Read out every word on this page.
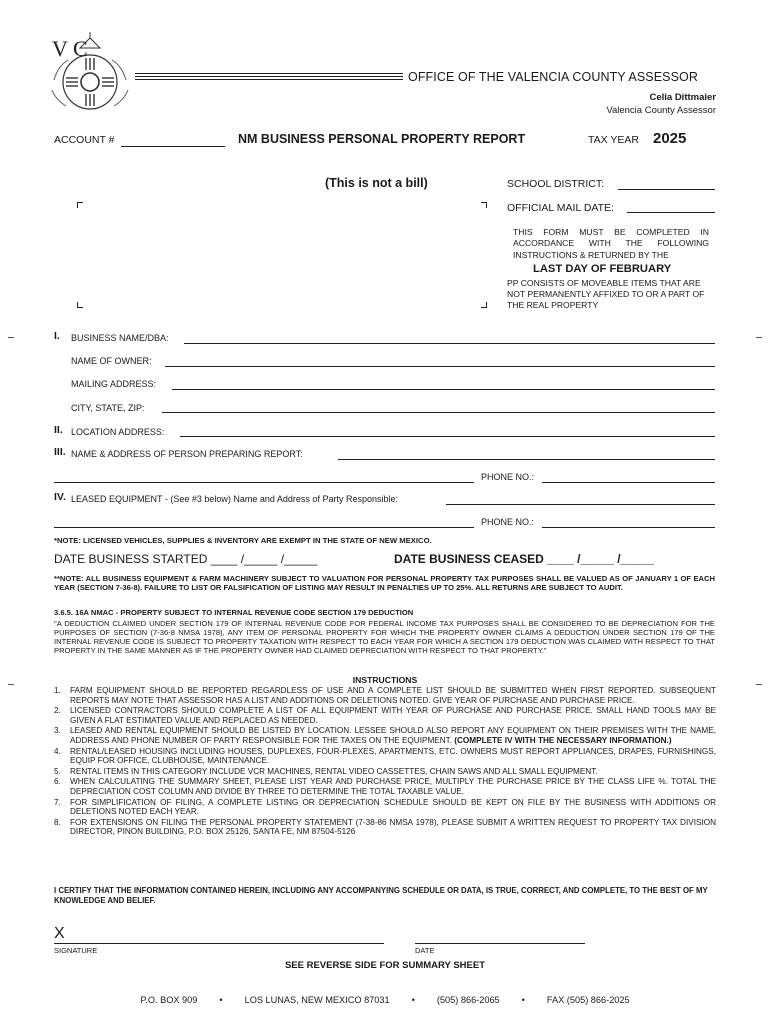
V C
OFFICE OF THE VALENCIA COUNTY ASSESSOR
Celia Dittmaier
Valencia County Assessor
ACCOUNT #	NM BUSINESS PERSONAL PROPERTY REPORT	TAX YEAR 2025
(This is not a bill)	SCHOOL DISTRICT:
OFFICIAL MAIL DATE:
THIS FORM MUST BE COMPLETED IN ACCORDANCE WITH THE FOLLOWING INSTRUCTIONS & RETURNED BY THE
LAST DAY OF FEBRUARY
PP CONSISTS OF MOVEABLE ITEMS THAT ARE NOT PERMANENTLY AFFIXED TO OR A PART OF THE REAL PROPERTY
I. BUSINESS NAME/DBA:
NAME OF OWNER:
MAILING ADDRESS:
CITY, STATE, ZIP:
II. LOCATION ADDRESS:
III. NAME & ADDRESS OF PERSON PREPARING REPORT:
PHONE NO.:
IV. LEASED EQUIPMENT - (See #3 below) Name and Address of Party Responsible:
PHONE NO.:
*NOTE: LICENSED VEHICLES, SUPPLIES & INVENTORY ARE EXEMPT IN THE STATE OF NEW MEXICO.
DATE BUSINESS STARTED ____ /_____ /_____	DATE BUSINESS CEASED ____ /_____ /_____
**NOTE: ALL BUSINESS EQUIPMENT & FARM MACHINERY SUBJECT TO VALUATION FOR PERSONAL PROPERTY TAX PURPOSES SHALL BE VALUED AS OF JANUARY 1 OF EACH YEAR (SECTION 7-36-8). FAILURE TO LIST OR FALSIFICATION OF LISTING MAY RESULT IN PENALTIES UP TO 25%. ALL RETURNS ARE SUBJECT TO AUDIT.
3.6.5. 16A NMAC - PROPERTY SUBJECT TO INTERNAL REVENUE CODE SECTION 179 DEDUCTION
"A DEDUCTION CLAIMED UNDER SECTION 179 OF INTERNAL REVENUE CODE FOR FEDERAL INCOME TAX PURPOSES SHALL BE CONSIDERED TO BE DEPRECIATION FOR THE PURPOSES OF SECTION (7-36-8 NMSA 1978), ANY ITEM OF PERSONAL PROPERTY FOR WHICH THE PROPERTY OWNER CLAIMS A DEDUCTION UNDER SECTION 179 OF THE INTERNAL REVENUE CODE IS SUBJECT TO PROPERTY TAXATION WITH RESPECT TO EACH YEAR FOR WHICH A SECTION 179 DEDUCTION WAS CLAIMED WITH RESPECT TO THAT PROPERTY IN THE SAME MANNER AS IF THE PROPERTY OWNER HAD CLAIMED DEPRECIATION WITH RESPECT TO THAT PROPERTY."
INSTRUCTIONS
1.	FARM EQUIPMENT SHOULD BE REPORTED REGARDLESS OF USE AND A COMPLETE LIST SHOULD BE SUBMITTED WHEN FIRST REPORTED. SUBSEQUENT REPORTS MAY NOTE THAT ASSESSOR HAS A LIST AND ADDITIONS OR DELETIONS NOTED. GIVE YEAR OF PURCHASE AND PURCHASE PRICE.
2.	LICENSED CONTRACTORS SHOULD COMPLETE A LIST OF ALL EQUIPMENT WITH YEAR OF PURCHASE AND PURCHASE PRICE. SMALL HAND TOOLS MAY BE GIVEN A FLAT ESTIMATED VALUE AND REPLACED AS NEEDED.
3.	LEASED AND RENTAL EQUIPMENT SHOULD BE LISTED BY LOCATION. LESSEE SHOULD ALSO REPORT ANY EQUIPMENT ON THEIR PREMISES WITH THE NAME, ADDRESS AND PHONE NUMBER OF PARTY RESPONSIBLE FOR THE TAXES ON THE EQUIPMENT. (COMPLETE IV WITH THE NECESSARY INFORMATION.)
4.	RENTAL/LEASED HOUSING INCLUDING HOUSES, DUPLEXES, FOUR-PLEXES, APARTMENTS, ETC. OWNERS MUST REPORT APPLIANCES, DRAPES, FURNISHINGS, EQUIP FOR OFFICE, CLUBHOUSE, MAINTENANCE.
5.	RENTAL ITEMS IN THIS CATEGORY INCLUDE VCR MACHINES, RENTAL VIDEO CASSETTES, CHAIN SAWS AND ALL SMALL EQUIPMENT.
6.	WHEN CALCULATING THE SUMMARY SHEET, PLEASE LIST YEAR AND PURCHASE PRICE, MULTIPLY THE PURCHASE PRICE BY THE CLASS LIFE %. TOTAL THE DEPRECIATION COST COLUMN AND DIVIDE BY THREE TO DETERMINE THE TOTAL TAXABLE VALUE.
7.	FOR SIMPLIFICATION OF FILING, A COMPLETE LISTING OR DEPRECIATION SCHEDULE SHOULD BE KEPT ON FILE BY THE BUSINESS WITH ADDITIONS OR DELETIONS NOTED EACH YEAR.
8.	FOR EXTENSIONS ON FILING THE PERSONAL PROPERTY STATEMENT (7-38-86 NMSA 1978), PLEASE SUBMIT A WRITTEN REQUEST TO PROPERTY TAX DIVISION DIRECTOR, PINON BUILDING, P.O. BOX 25126, SANTA FE, NM 87504-5126
I CERTIFY THAT THE INFORMATION CONTAINED HEREIN, INCLUDING ANY ACCOMPANYING SCHEDULE OR DATA, IS TRUE, CORRECT, AND COMPLETE, TO THE BEST OF MY KNOWLEDGE AND BELIEF.
X
SIGNATURE	DATE
SEE REVERSE SIDE FOR SUMMARY SHEET
P.O. BOX 909 • LOS LUNAS, NEW MEXICO 87031 • (505) 866-2065 • FAX (505) 866-2025
